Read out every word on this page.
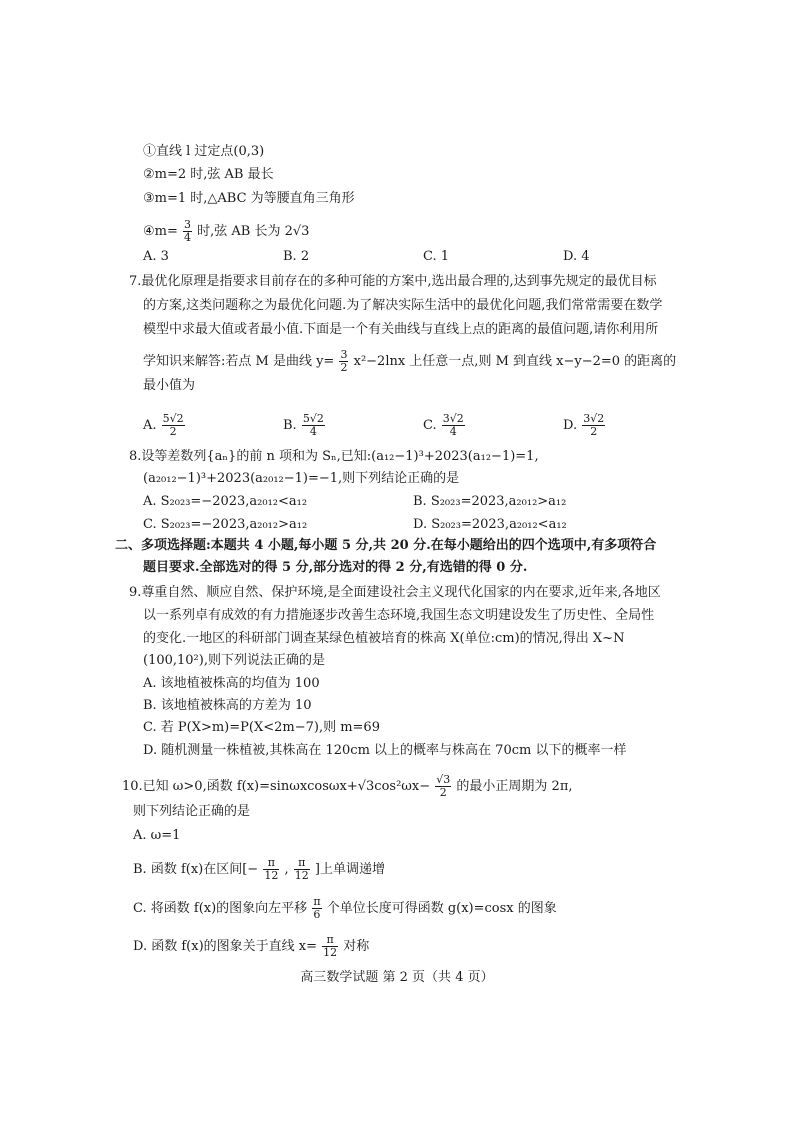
①直线 l 过定点(0,3)
②m=2 时,弦 AB 最长
③m=1 时,△ABC 为等腰直角三角形
④m= $\frac{3}{4}$ 时,弦 AB 长为 2√3
A. 3	B. 2	C. 1	D. 4
7.最优化原理是指要求目前存在的多种可能的方案中,选出最合理的,达到事先规定的最优目标
的方案,这类问题称之为最优化问题.为了解决实际生活中的最优化问题,我们常常需要在数学
模型中求最大值或者最小值.下面是一个有关曲线与直线上点的距离的最值问题,请你利用所
学知识来解答:若点 M 是曲线 $y= \frac{3}{2} x^2-2\ln x$ 上任意一点,则 M 到直线 x−y−2=0 的距离的
最小值为
A. $\frac{5√2}{2}$	B. $\frac{5√2}{4}$	C. $\frac{3√2}{4}$	D. $\frac{3√2}{2}$
8.设等差数列{aₙ}的前 n 项和为 Sₙ,已知:(a₁₂−1)³+2023(a₁₂−1)=1,
(a₂₀₁₂−1)³+2023(a₂₀₁₂−1)=−1,则下列结论正确的是
A. S₂₀₂₃=−2023,a₂₀₁₂<a₁₂	B. S₂₀₂₃=2023,a₂₀₁₂>a₁₂
C. S₂₀₂₃=−2023,a₂₀₁₂>a₁₂	D. S₂₀₂₃=2023,a₂₀₁₂<a₁₂
二、多项选择题:本题共 4 小题,每小题 5 分,共 20 分.在每小题给出的四个选项中,有多项符合
题目要求.全部选对的得 5 分,部分选对的得 2 分,有选错的得 0 分.
9.尊重自然、顺应自然、保护环境,是全面建设社会主义现代化国家的内在要求,近年来,各地区
以一系列卓有成效的有力措施逐步改善生态环境,我国生态文明建设发生了历史性、全局性
的变化.一地区的科研部门调查某绿色植被培育的株高 X(单位:cm)的情况,得出 X~N
(100,10²),则下列说法正确的是
A. 该地植被株高的均值为 100
B. 该地植被株高的方差为 10
C. 若 P(X>m)=P(X<2m−7),则 m=69
D. 随机测量一株植被,其株高在 120cm 以上的概率与株高在 70cm 以下的概率一样
10.已知 ω>0,函数 $f(x)=\sin\omega xcos\omega x+√3\cos^2\omega x- \frac{√3}{2}$ 的最小正周期为 2π,
则下列结论正确的是
A. ω=1
B. 函数 f(x)在区间[− $\frac{\pi}{12}$ , $\frac{\pi}{12}$ ]上单调递增
C. 将函数 f(x)的图象向左平移 $\frac{\pi}{6}$ 个单位长度可得函数 g(x)=cosx 的图象
D. 函数 f(x)的图象关于直线 $x= \frac{\pi}{12}$ 对称
高三数学试题 第 2 页（共 4 页）
